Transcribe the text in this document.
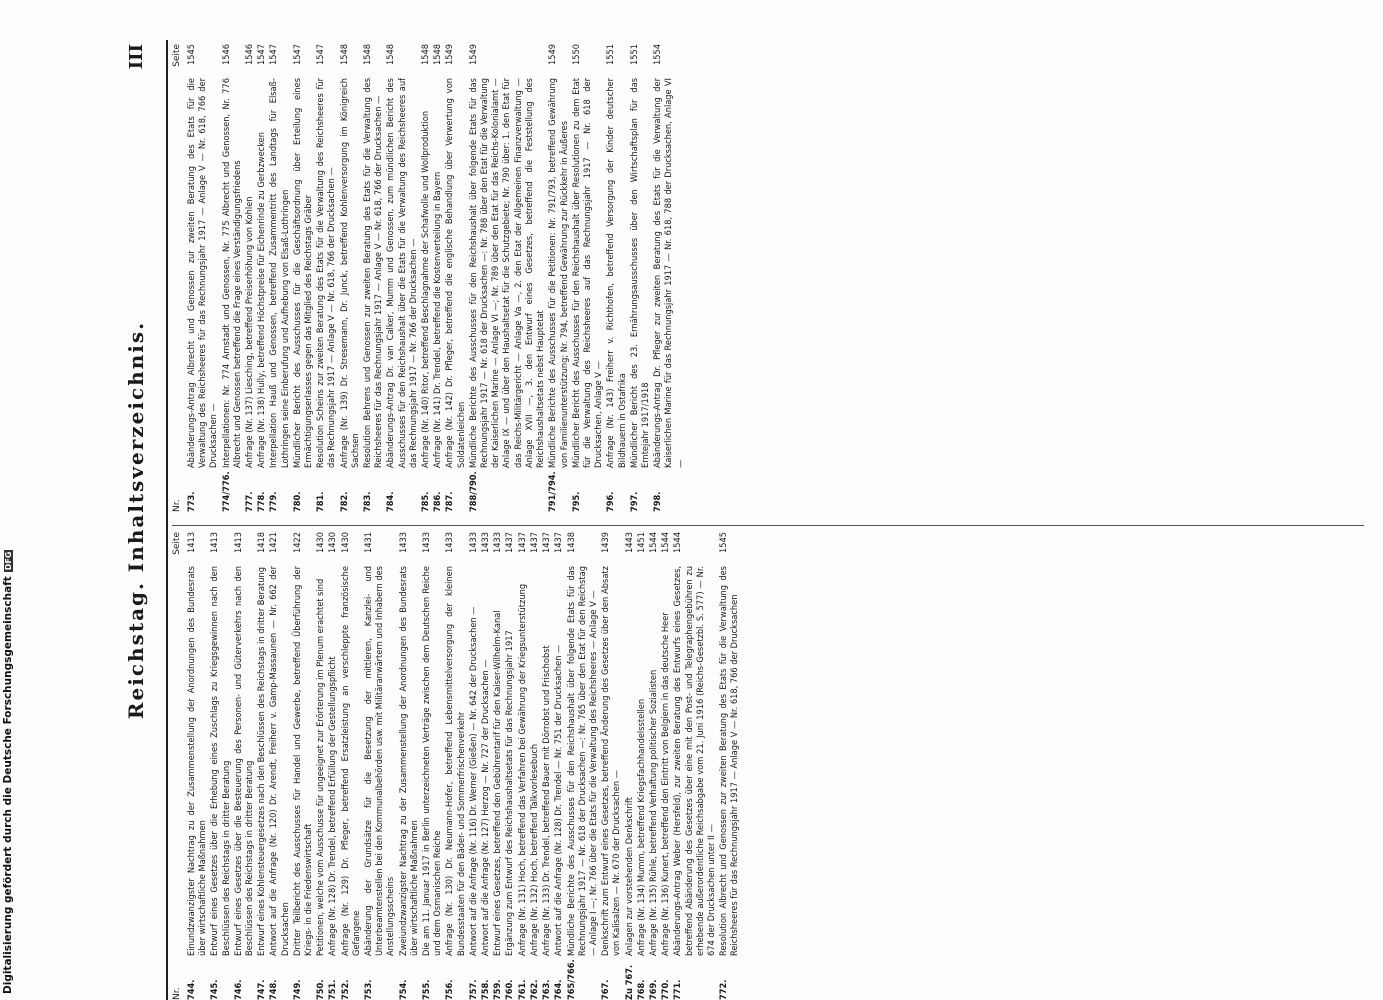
Reichstag. Inhaltsverzeichnis.
III
Nr.
Seite
744.
Einundzwanzigster Nachtrag zu der Zusammenstellung der Anordnungen des Bundesrats über wirtschaftliche Maßnahmen
1413
745.
Entwurf eines Gesetzes über die Erhebung eines Zuschlags zu Kriegsgewinnen nach den Beschlüssen des Reichstags in dritter Beratung
1413
746.
Entwurf eines Gesetzes über die Besteuerung des Personen- und Güterverkehrs nach den Beschlüssen des Reichstags in dritter Beratung
1413
747.
Entwurf eines Kohlensteuergesetzes nach den Beschlüssen des Reichstags in dritter Beratung
1418
748.
Antwort auf die Anfrage (Nr. 120) Dr. Arendt, Freiherr v. Gamp-Massaunen — Nr. 662 der Drucksachen
1421
749.
Dritter Teilbericht des Ausschusses für Handel und Gewerbe, betreffend Überführung der Kriegs- in die Friedenswirtschaft
1422
750.
Petitionen, welche vom Ausschusse für ungeeignet zur Erörterung im Plenum erachtet sind
1430
751.
Anfrage (Nr. 128) Dr. Trendel, betreffend Erfüllung der Gestellungspflicht
1430
752.
Anfrage (Nr. 129) Dr. Pfleger, betreffend Ersatzleistung an verschleppte französische Gefangene
1430
753.
Abänderung der Grundsätze für die Besetzung der mittleren, Kanzlei- und Unterbeamtenstellen bei den Kommunalbehörden usw. mit Militäranwärtern und Inhabern des Anstellungsscheins
1431
754.
Zweiundzwanzigster Nachtrag zu der Zusammenstellung der Anordnungen des Bundesrats über wirtschaftliche Maßnahmen
1433
755.
Die am 11. Januar 1917 in Berlin unterzeichneten Verträge zwischen dem Deutschen Reiche und dem Osmanischen Reiche
1433
756.
Anfrage (Nr. 130) Dr. Neumann-Hofer, betreffend Lebensmittelversorgung der kleinen Bundesstaaten für den Bäder- und Sommerfrischenverkehr
1433
757.
Antwort auf die Anfrage (Nr. 116) Dr. Werner (Gießen) — Nr. 642 der Drucksachen —
1433
758.
Antwort auf die Anfrage (Nr. 127) Herzog — Nr. 727 der Drucksachen —
1433
759.
Entwurf eines Gesetzes, betreffend den Gebührentarif für den Kaiser-Wilhelm-Kanal
1433
760.
Ergänzung zum Entwurf des Reichshaushaltsetats für das Rechnungsjahr 1917
1437
761.
Anfrage (Nr. 131) Hoch, betreffend das Verfahren bei Gewährung der Kriegsunterstützung
1437
762.
Anfrage (Nr. 132) Hoch, betreffend Talkvorlesebuch
1437
763.
Anfrage (Nr. 133) Dr. Trendel, betreffend Bauer mit Dörrobst und Frischobst
1437
764.
Antwort auf die Anfrage (Nr. 128) Dr. Trendel — Nr. 751 der Drucksachen —
1437
765/766.
Mündliche Berichte des Ausschusses für den Reichshaushalt über folgende Etats für das Rechnungsjahr 1917 — Nr. 618 der Drucksachen —: Nr. 765 über den Etat für den Reichstag — Anlage I —; Nr. 766 über die Etats für die Verwaltung des Reichsheeres — Anlage V —
1438
767.
Denkschrift zum Entwurf eines Gesetzes, betreffend Änderung des Gesetzes über den Absatz von Kalisalzen — Nr. 670 der Drucksachen —
1439
Zu 767.
Anlagen zur vorstehenden Denkschrift
1443
768.
Anfrage (Nr. 134) Mumm, betreffend Kriegsfachhandelsstellen
1451
769.
Anfrage (Nr. 135) Rühle, betreffend Verhaftung politischer Sozialisten
1544
770.
Anfrage (Nr. 136) Kunert, betreffend den Eintritt von Belgiern in das deutsche Heer
1544
771.
Abänderungs-Antrag Weber (Hersfeld), zur zweiten Beratung des Entwurfs eines Gesetzes, betreffend Abänderung des Gesetzes über eine mit den Post- und Telegraphengebühren zu erhebende außerordentliche Reichsabgabe vom 21. Juni 1916 (Reichs-Gesetzbl. S. 577) — Nr. 674 der Drucksachen unter II —
1544
772.
Resolution Albrecht und Genossen zur zweiten Beratung des Etats für die Verwaltung des Reichsheeres für das Rechnungsjahr 1917 — Anlage V — Nr. 618, 766 der Drucksachen
1545
Nr.
Seite
773.
Abänderungs-Antrag Albrecht und Genossen zur zweiten Beratung des Etats für die Verwaltung des Reichsheeres für das Rechnungsjahr 1917 — Anlage V — Nr. 618, 766 der Drucksachen —
1545
774/776.
Interpellationen: Nr. 774 Arnstadt und Genossen, Nr. 775 Albrecht und Genossen, Nr. 776 Albrecht und Genossen betreffend die Frage eines Verständigungsfriedens
1546
777.
Anfrage (Nr. 137) Liesching, betreffend Preiserhöhung von Kohlen
1546
778.
Anfrage (Nr. 138) Hully, betreffend Höchstpreise für Eichenrinde zu Gerbzwecken
1547
779.
Interpellation Hauß und Genossen, betreffend Zusammentritt des Landtags für Elsaß-Lothringen seine Einberufung und Aufhebung von Elsaß-Lothringen
1547
780.
Mündlicher Bericht des Ausschusses für die Geschäftsordnung über Erteilung eines Ermächtigungserlasses gegen das Mitglied des Reichstags Gräber
1547
781.
Resolution Scheins zur zweiten Beratung des Etats für die Verwaltung des Reichsheeres für das Rechnungsjahr 1917 — Anlage V — Nr. 618, 766 der Drucksachen —
1547
782.
Anfrage (Nr. 139) Dr. Stresemann, Dr. Junck, betreffend Kohlenversorgung im Königreich Sachsen
1548
783.
Resolution Behrens und Genossen zur zweiten Beratung des Etats für die Verwaltung des Reichsheeres für das Rechnungsjahr 1917 — Anlage V — Nr. 618, 766 der Drucksachen —
1548
784.
Abänderungs-Antrag Dr. van Calker, Mumm und Genossen, zum mündlichen Bericht des Ausschusses für den Reichshaushalt über die Etats für die Verwaltung des Reichsheeres auf das Rechnungsjahr 1917 — Nr. 766 der Drucksachen —
1548
785.
Anfrage (Nr. 140) Ritor, betreffend Beschlagnahme der Schafwolle und Wollproduktion
1548
786.
Anfrage (Nr. 141) Dr. Trendel, betreffend die Kostenverteilung in Bayern
1548
787.
Anfrage (Nr. 142) Dr. Pfleger, betreffend die englische Behandlung über Verwertung von Soldatenleichen
1549
788/790.
Mündliche Berichte des Ausschusses für den Reichshaushalt über folgende Etats für das Rechnungsjahr 1917 — Nr. 618 der Drucksachen —: Nr. 788 über den Etat für die Verwaltung der Kaiserlichen Marine — Anlage VI —; Nr. 789 über den Etat für das Reichs-Kolonialamt — Anlage IX — und über den Haushaltsetat für die Schutzgebiete; Nr. 790 über: 1. den Etat für das Reichs-Militärgericht — Anlage Va —, 2. den Etat der Allgemeinen Finanzverwaltung — Anlage XVII —, 3. den Entwurf eines Gesetzes, betreffend die Feststellung des Reichshaushaltsetats nebst Hauptetat
1549
791/794.
Mündliche Berichte des Ausschusses für die Petitionen: Nr. 791/793, betreffend Gewährung von Familienunterstützung; Nr. 794, betreffend Gewährung zur Rückkehr in Äußeres
1549
795.
Mündlicher Bericht des Ausschusses für den Reichshaushalt über Resolutionen zu dem Etat für die Verwaltung des Reichsheeres auf das Rechnungsjahr 1917 — Nr. 618 der Drucksachen, Anlage V —
1550
796.
Anfrage (Nr. 143) Freiherr v. Richthofen, betreffend Versorgung der Kinder deutscher Bildhauern in Ostafrika
1551
797.
Mündlicher Bericht des 23. Ernährungsausschusses über den Wirtschaftsplan für das Erntejahr 1917/1918
1551
798.
Abänderungs-Antrag Dr. Pfleger zur zweiten Beratung des Etats für die Verwaltung der Kaiserlichen Marine für das Rechnungsjahr 1917 — Nr. 618, 788 der Drucksachen, Anlage VI —
1554
Digitalisierung gefördert durch die Deutsche ForschungsgemeinschaftDFG
